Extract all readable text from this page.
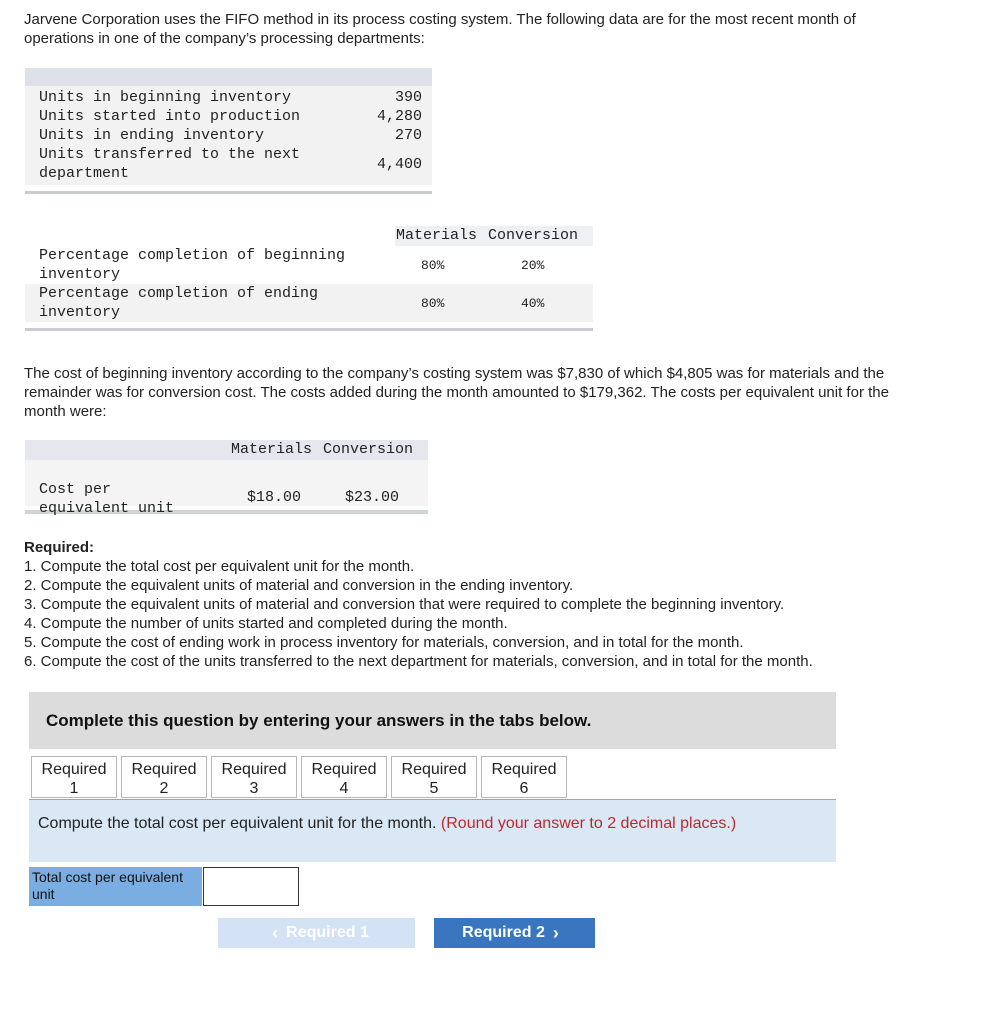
Jarvene Corporation uses the FIFO method in its process costing system. The following data are for the most recent month of operations in one of the company’s processing departments:
Units in beginning inventory	390
Units started into production	4,280
Units in ending inventory	270
Units transferred to the next department
4,400
Materials Conversion
Percentage completion of beginning inventory
80%	20%
Percentage completion of ending inventory
80%	40%
The cost of beginning inventory according to the company’s costing system was $7,830 of which $4,805 was for materials and the remainder was for conversion cost. The costs added during the month amounted to $179,362. The costs per equivalent unit for the month were:
Materials Conversion
Cost per equivalent unit
$18.00	$23.00
Required:
1. Compute the total cost per equivalent unit for the month.
2. Compute the equivalent units of material and conversion in the ending inventory.
3. Compute the equivalent units of material and conversion that were required to complete the beginning inventory.
4. Compute the number of units started and completed during the month.
5. Compute the cost of ending work in process inventory for materials, conversion, and in total for the month.
6. Compute the cost of the units transferred to the next department for materials, conversion, and in total for the month.
Complete this question by entering your answers in the tabs below.
Required
1
Required
2
Required
3
Required
4
Required
5
Required
6
Compute the total cost per equivalent unit for the month. (Round your answer to 2 decimal places.)
Total cost per equivalent unit
‹ Required 1	Required 2 ›
